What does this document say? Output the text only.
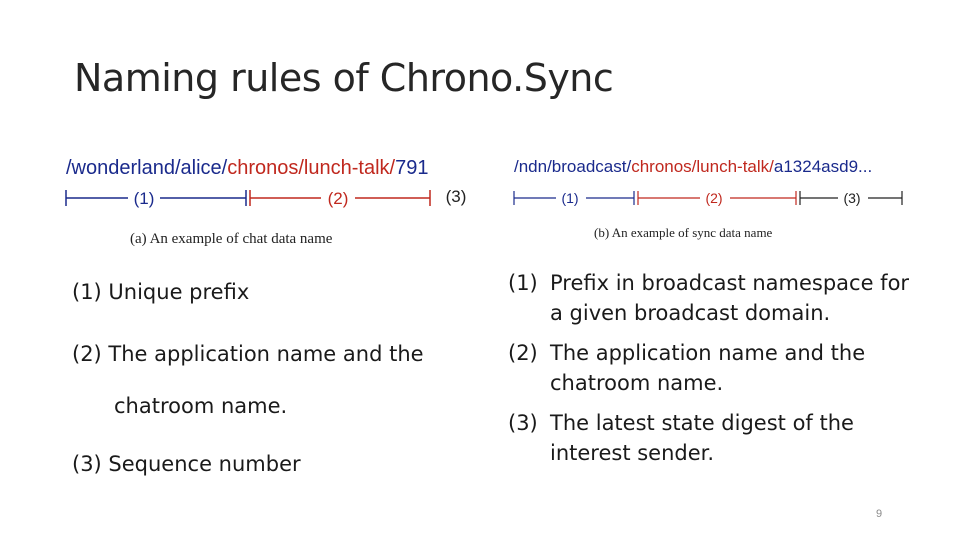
Naming rules of Chrono.Sync
/wonderland/alice/chronos/lunch-talk/791
(1)	(2)	(3)
(a) An example of chat data name
/ndn/broadcast/chronos/lunch-talk/a1324asd9...
(1)	(2)	(3)
(b) An example of sync data name
(1) Unique prefix
(2) The application name and the
chatroom name.
(3) Sequence number
(1) Prefix in broadcast namespace for a given broadcast domain.
(2) The application name and the chatroom name.
(3) The latest state digest of the interest sender.
9
